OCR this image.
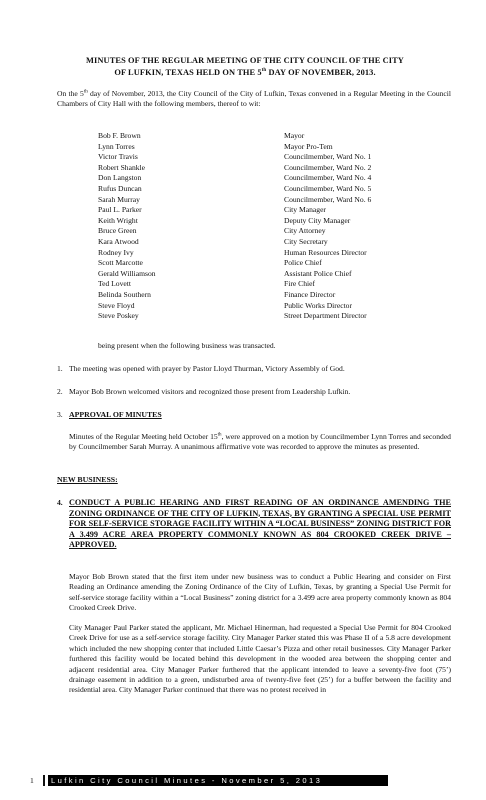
MINUTES OF THE REGULAR MEETING OF THE CITY COUNCIL OF THE CITY
OF LUFKIN, TEXAS HELD ON THE 5th DAY OF NOVEMBER, 2013.
On the 5th day of November, 2013, the City Council of the City of Lufkin, Texas convened in a Regular Meeting in the Council Chambers of City Hall with the following members, thereof to wit:
Bob F. Brown	Mayor
Lynn Torres	Mayor Pro-Tem
Victor Travis	Councilmember, Ward No. 1
Robert Shankle	Councilmember, Ward No. 2
Don Langston	Councilmember, Ward No. 4
Rufus Duncan	Councilmember, Ward No. 5
Sarah Murray	Councilmember, Ward No. 6
Paul L. Parker	City Manager
Keith Wright	Deputy City Manager
Bruce Green	City Attorney
Kara Atwood	City Secretary
Rodney Ivy	Human Resources Director
Scott Marcotte	Police Chief
Gerald Williamson	Assistant Police Chief
Ted Lovett	Fire Chief
Belinda Southern	Finance Director
Steve Floyd	Public Works Director
Steve Poskey	Street Department Director
being present when the following business was transacted.
1. The meeting was opened with prayer by Pastor Lloyd Thurman, Victory Assembly of God.
2. Mayor Bob Brown welcomed visitors and recognized those present from Leadership Lufkin.
3. APPROVAL OF MINUTES
Minutes of the Regular Meeting held October 15th, were approved on a motion by Councilmember Lynn Torres and seconded by Councilmember Sarah Murray. A unanimous affirmative vote was recorded to approve the minutes as presented.
NEW BUSINESS:
4. CONDUCT A PUBLIC HEARING AND FIRST READING OF AN ORDINANCE AMENDING THE ZONING ORDINANCE OF THE CITY OF LUFKIN, TEXAS, BY GRANTING A SPECIAL USE PERMIT FOR SELF-SERVICE STORAGE FACILITY WITHIN A “LOCAL BUSINESS” ZONING DISTRICT FOR A 3.499 ACRE AREA PROPERTY COMMONLY KNOWN AS 804 CROOKED CREEK DRIVE – APPROVED.
Mayor Bob Brown stated that the first item under new business was to conduct a Public Hearing and consider on First Reading an Ordinance amending the Zoning Ordinance of the City of Lufkin, Texas, by granting a Special Use Permit for self-service storage facility within a “Local Business” zoning district for a 3.499 acre area property commonly known as 804 Crooked Creek Drive.
City Manager Paul Parker stated the applicant, Mr. Michael Hinerman, had requested a Special Use Permit for 804 Crooked Creek Drive for use as a self-service storage facility. City Manager Parker stated this was Phase II of a 5.8 acre development which included the new shopping center that included Little Caesar’s Pizza and other retail businesses. City Manager Parker furthered this facility would be located behind this development in the wooded area between the shopping center and adjacent residential area. City Manager Parker furthered that the applicant intended to leave a seventy-five foot (75’) drainage easement in addition to a green, undisturbed area of twenty-five feet (25’) for a buffer between the facility and residential area. City Manager Parker continued that there was no protest received in
1	Lufkin City Council Minutes - November 5, 2013
